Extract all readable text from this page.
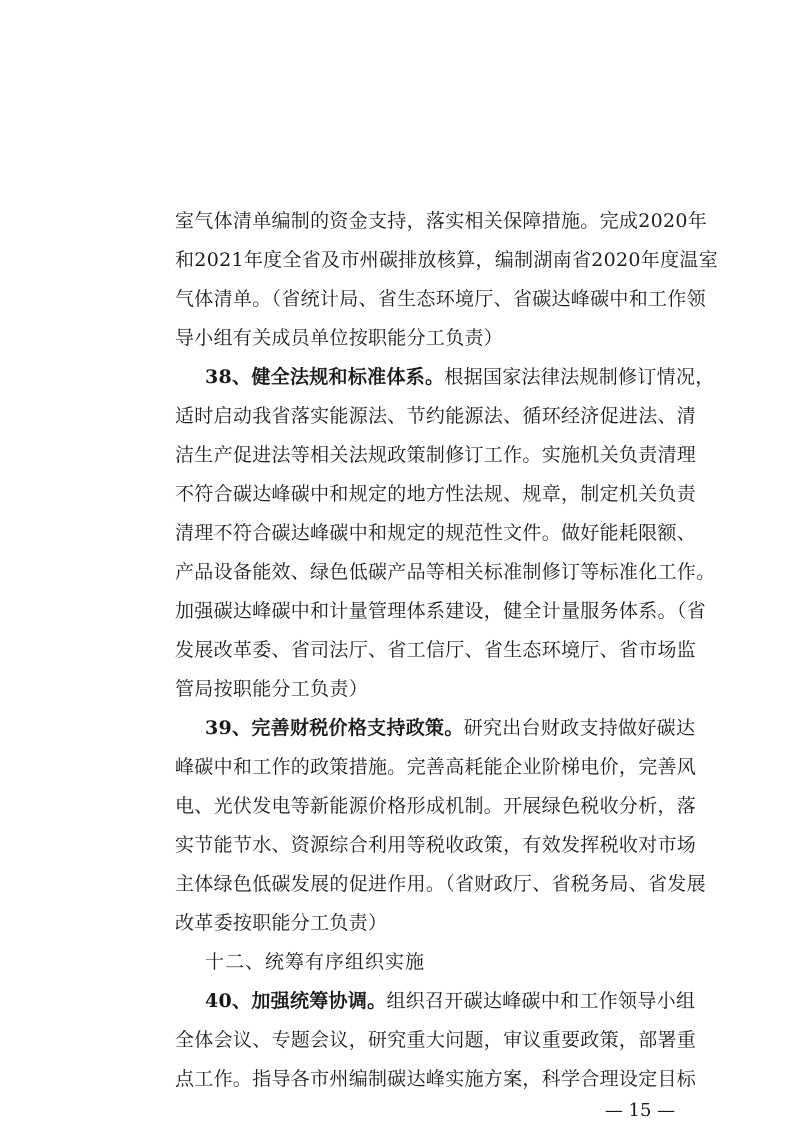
室气体清单编制的资金支持，落实相关保障措施。完成2020年
和2021年度全省及市州碳排放核算，编制湖南省2020年度温室
气体清单。（省统计局、省生态环境厅、省碳达峰碳中和工作领
导小组有关成员单位按职能分工负责）
38、健全法规和标准体系。根据国家法律法规制修订情况，
适时启动我省落实能源法、节约能源法、循环经济促进法、清
洁生产促进法等相关法规政策制修订工作。实施机关负责清理
不符合碳达峰碳中和规定的地方性法规、规章，制定机关负责
清理不符合碳达峰碳中和规定的规范性文件。做好能耗限额、
产品设备能效、绿色低碳产品等相关标准制修订等标准化工作。
加强碳达峰碳中和计量管理体系建设，健全计量服务体系。（省
发展改革委、省司法厅、省工信厅、省生态环境厅、省市场监
管局按职能分工负责）
39、完善财税价格支持政策。研究出台财政支持做好碳达
峰碳中和工作的政策措施。完善高耗能企业阶梯电价，完善风
电、光伏发电等新能源价格形成机制。开展绿色税收分析，落
实节能节水、资源综合利用等税收政策，有效发挥税收对市场
主体绿色低碳发展的促进作用。（省财政厅、省税务局、省发展
改革委按职能分工负责）
十二、统筹有序组织实施
40、加强统筹协调。组织召开碳达峰碳中和工作领导小组
全体会议、专题会议，研究重大问题，审议重要政策，部署重
点工作。指导各市州编制碳达峰实施方案，科学合理设定目标
— 15 —
